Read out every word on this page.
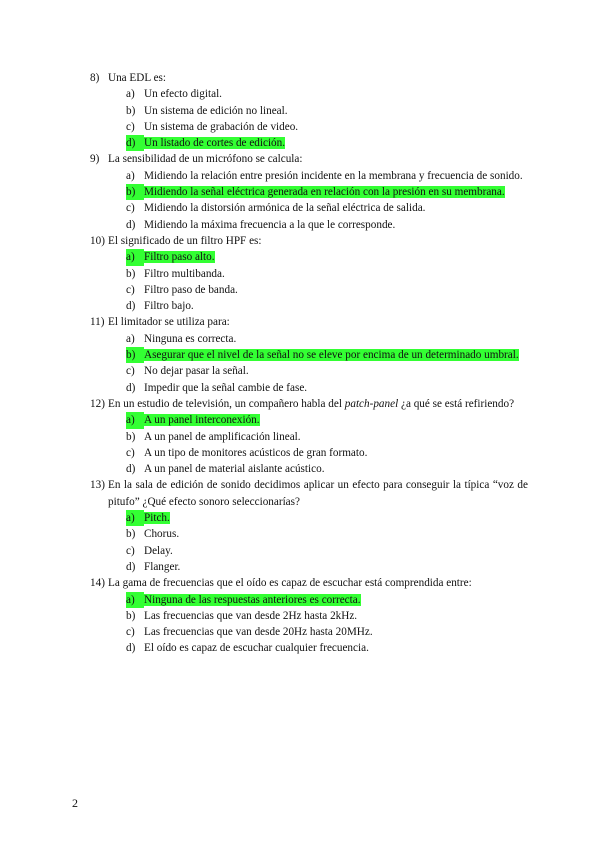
8) Una EDL es:
a) Un efecto digital.
b) Un sistema de edición no lineal.
c) Un sistema de grabación de video.
d) Un listado de cortes de edición.
9) La sensibilidad de un micrófono se calcula:
a) Midiendo la relación entre presión incidente en la membrana y frecuencia de sonido.
b) Midiendo la señal eléctrica generada en relación con la presión en su membrana.
c) Midiendo la distorsión armónica de la señal eléctrica de salida.
d) Midiendo la máxima frecuencia a la que le corresponde.
10) El significado de un filtro HPF es:
a) Filtro paso alto.
b) Filtro multibanda.
c) Filtro paso de banda.
d) Filtro bajo.
11) El limitador se utiliza para:
a) Ninguna es correcta.
b) Asegurar que el nivel de la señal no se eleve por encima de un determinado umbral.
c) No dejar pasar la señal.
d) Impedir que la señal cambie de fase.
12) En un estudio de televisión, un compañero habla del patch-panel ¿a qué se está refiriendo?
a) A un panel interconexión.
b) A un panel de amplificación lineal.
c) A un tipo de monitores acústicos de gran formato.
d) A un panel de material aislante acústico.
13) En la sala de edición de sonido decidimos aplicar un efecto para conseguir la típica “voz de pitufo” ¿Qué efecto sonoro seleccionarías?
a) Pitch.
b) Chorus.
c) Delay.
d) Flanger.
14) La gama de frecuencias que el oído es capaz de escuchar está comprendida entre:
a) Ninguna de las respuestas anteriores es correcta.
b) Las frecuencias que van desde 2Hz hasta 2kHz.
c) Las frecuencias que van desde 20Hz hasta 20MHz.
d) El oído es capaz de escuchar cualquier frecuencia.
2
